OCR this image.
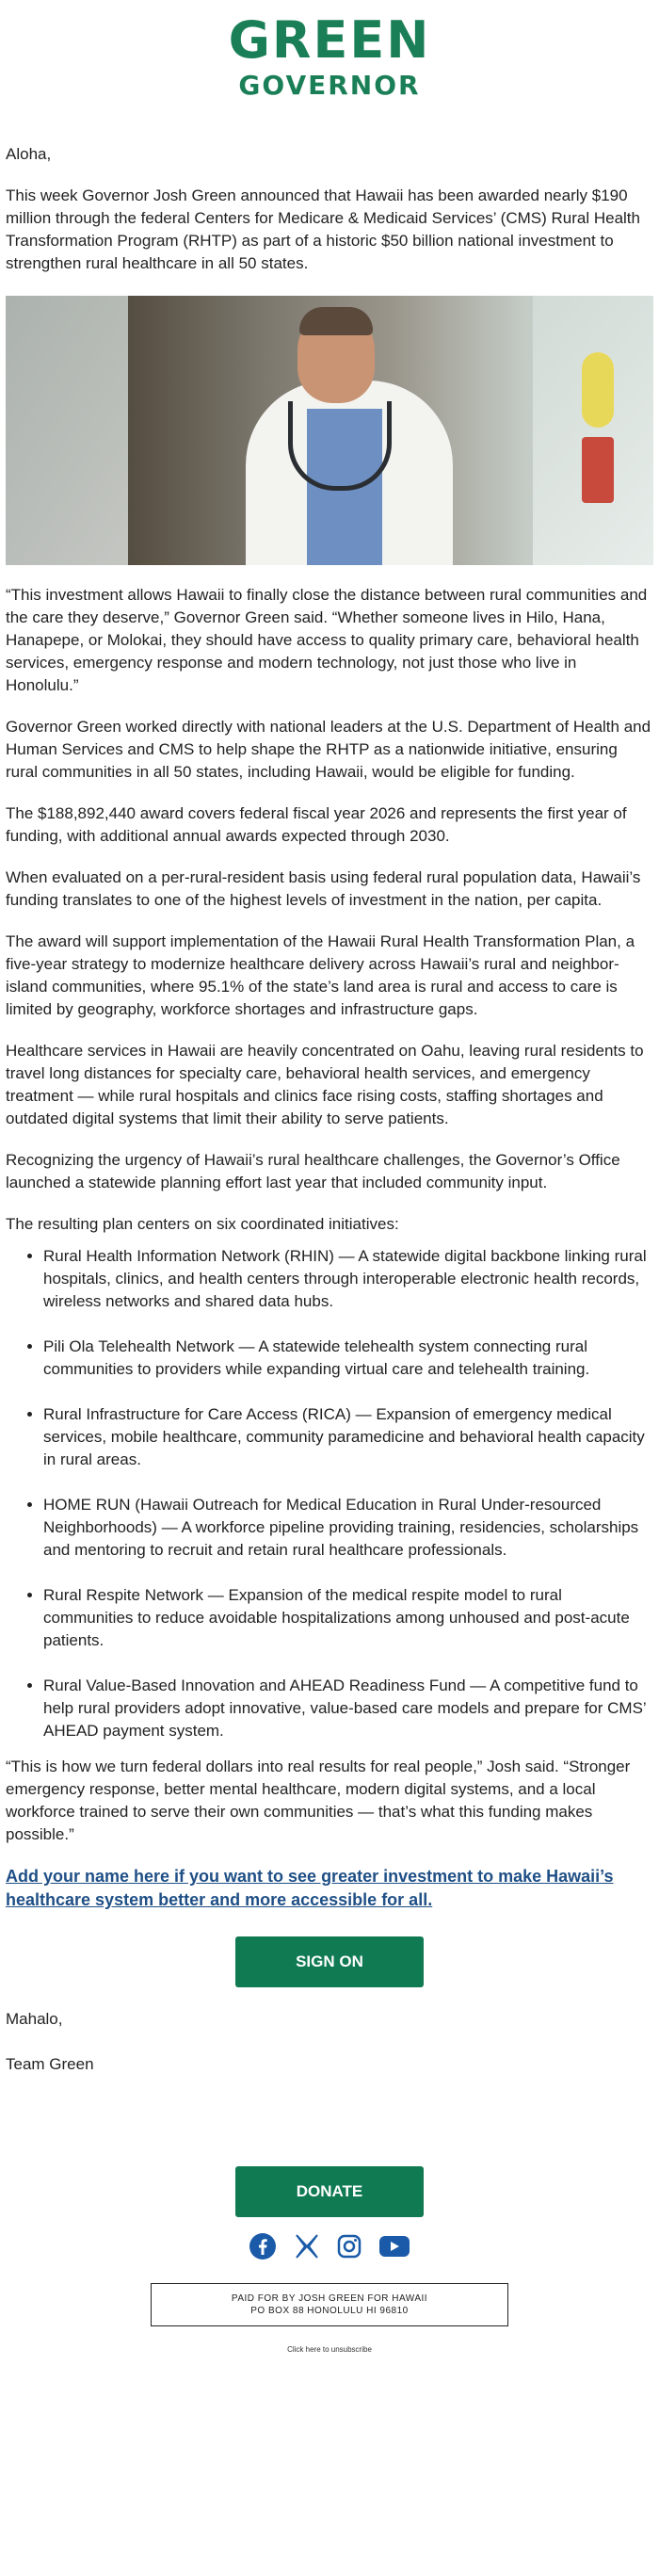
GREEN
GOVERNOR

Aloha,

This week Governor Josh Green announced that Hawaii has been awarded nearly $190 million through the federal Centers for Medicare & Medicaid Services’ (CMS) Rural Health Transformation Program (RHTP) as part of a historic $50 billion national investment to strengthen rural healthcare in all 50 states.

“This investment allows Hawaii to finally close the distance between rural communities and the care they deserve,” Governor Green said. “Whether someone lives in Hilo, Hana, Hanapepe, or Molokai, they should have access to quality primary care, behavioral health services, emergency response and modern technology, not just those who live in Honolulu.”

Governor Green worked directly with national leaders at the U.S. Department of Health and Human Services and CMS to help shape the RHTP as a nationwide initiative, ensuring rural communities in all 50 states, including Hawaii, would be eligible for funding.

The $188,892,440 award covers federal fiscal year 2026 and represents the first year of funding, with additional annual awards expected through 2030.

When evaluated on a per-rural-resident basis using federal rural population data, Hawaii’s funding translates to one of the highest levels of investment in the nation, per capita.

The award will support implementation of the Hawaii Rural Health Transformation Plan, a five-year strategy to modernize healthcare delivery across Hawaii’s rural and neighbor-island communities, where 95.1% of the state’s land area is rural and access to care is limited by geography, workforce shortages and infrastructure gaps.

Healthcare services in Hawaii are heavily concentrated on Oahu, leaving rural residents to travel long distances for specialty care, behavioral health services, and emergency treatment — while rural hospitals and clinics face rising costs, staffing shortages and outdated digital systems that limit their ability to serve patients.

Recognizing the urgency of Hawaii’s rural healthcare challenges, the Governor’s Office launched a statewide planning effort last year that included community input.

The resulting plan centers on six coordinated initiatives:

• Rural Health Information Network (RHIN) — A statewide digital backbone linking rural hospitals, clinics, and health centers through interoperable electronic health records, wireless networks and shared data hubs.
• Pili Ola Telehealth Network — A statewide telehealth system connecting rural communities to providers while expanding virtual care and telehealth training.
• Rural Infrastructure for Care Access (RICA) — Expansion of emergency medical services, mobile healthcare, community paramedicine and behavioral health capacity in rural areas.
• HOME RUN (Hawaii Outreach for Medical Education in Rural Under-resourced Neighborhoods) — A workforce pipeline providing training, residencies, scholarships and mentoring to recruit and retain rural healthcare professionals.
• Rural Respite Network — Expansion of the medical respite model to rural communities to reduce avoidable hospitalizations among unhoused and post-acute patients.
• Rural Value-Based Innovation and AHEAD Readiness Fund — A competitive fund to help rural providers adopt innovative, value-based care models and prepare for CMS’ AHEAD payment system.

“This is how we turn federal dollars into real results for real people,” Josh said. “Stronger emergency response, better mental healthcare, modern digital systems, and a local workforce trained to serve their own communities — that’s what this funding makes possible.”

Add your name here if you want to see greater investment to make Hawaii’s healthcare system better and more accessible for all.
SIGN ON

Mahalo,

Team Green

DONATE

PAID FOR BY JOSH GREEN FOR HAWAII
PO BOX 88 HONOLULU HI 96810
Click here to unsubscribe
